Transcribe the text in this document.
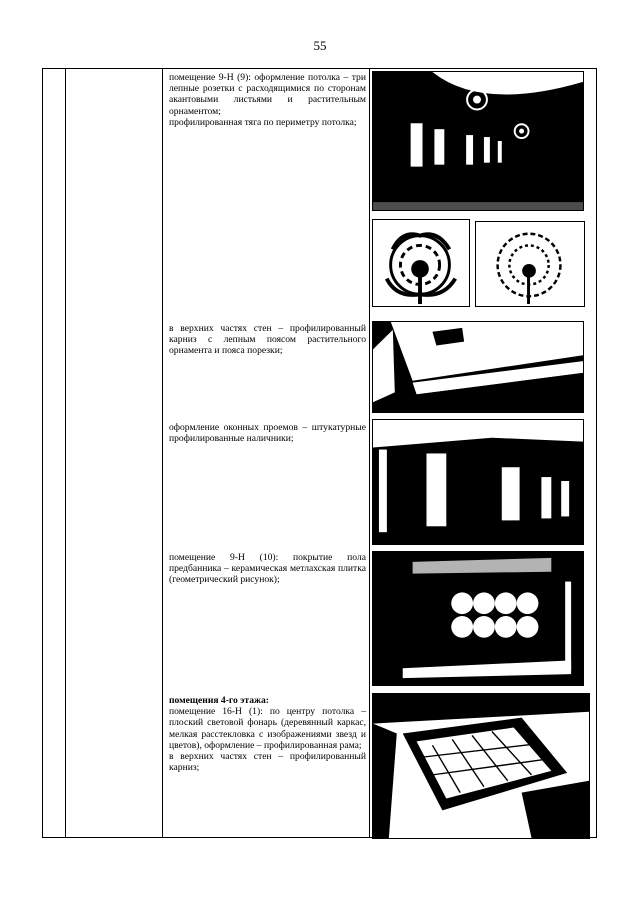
55

помещение 9-Н (9): оформление потолка – три лепные розетки с расходящимися по сторонам акантовыми листьями и растительным орнаментом;

профилированная тяга по периметру потолка;

в верхних частях стен – профилированный карниз с лепным поясом растительного орнамента и пояса порезки;

оформление оконных проемов – штукатурные профилированные наличники;

помещение 9-Н (10): покрытие пола предбанника – керамическая метлахская плитка (геометрический рисунок);

помещения 4-го этажа:

помещение 16-Н (1): по центру потолка – плоский световой фонарь (деревянный каркас, мелкая расстекловка с изображениями звезд и цветов), оформление – профилированная рама;

в верхних частях стен – профилированный карниз;
